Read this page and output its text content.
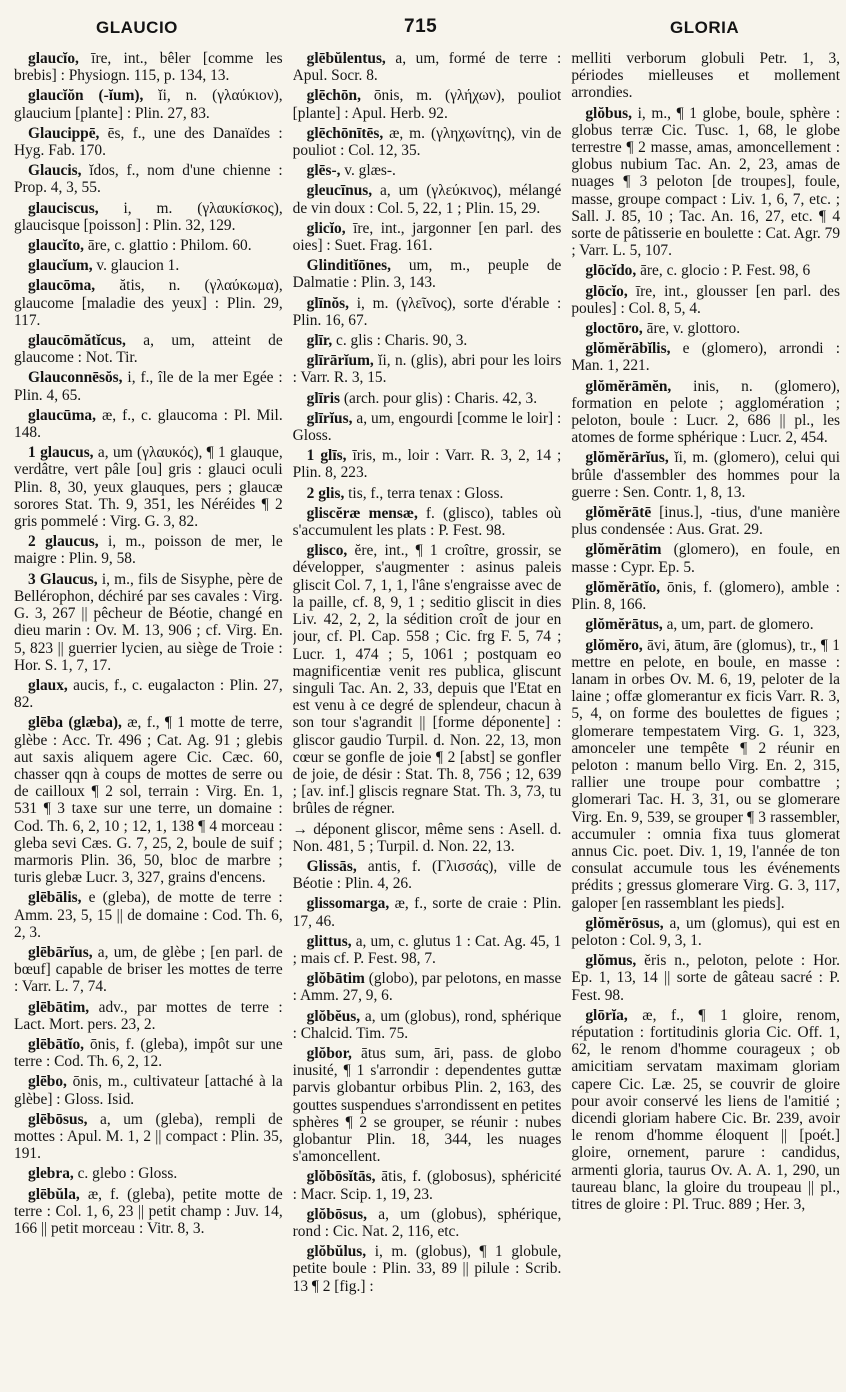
GLAUCIO	715	GLORIA

glaucĭo, īre, int., bêler [comme les brebis] : Physiogn. 115, p. 134, 13.

glaucĭŏn (-ĭum), ĭi, n. (γλαύκιον), glaucium [plante] : Plin. 27, 83.

Glaucippē, ēs, f., une des Danaïdes : Hyg. Fab. 170.

Glaucis, ĭdos, f., nom d'une chienne : Prop. 4, 3, 55.

glauciscus, i, m. (γλαυκίσκος), glaucisque [poisson] : Plin. 32, 129.

glaucĭto, āre, c. glattio : Philom. 60.

glaucĭum, v. glaucion 1.

glaucōma, ătis, n. (γλαύκωμα), glaucome [maladie des yeux] : Plin. 29, 117.

glaucōmătĭcus, a, um, atteint de glaucome : Not. Tir.

Glauconnēsŏs, i, f., île de la mer Egée : Plin. 4, 65.

glaucūma, æ, f., c. glaucoma : Pl. Mil. 148.

1 glaucus, a, um (γλαυκός), ¶ 1 glauque, verdâtre, vert pâle [ou] gris : glauci oculi Plin. 8, 30, yeux glauques, pers ; glaucæ sorores Stat. Th. 9, 351, les Néréides ¶ 2 gris pommelé : Virg. G. 3, 82.

2 glaucus, i, m., poisson de mer, le maigre : Plin. 9, 58.

3 Glaucus, i, m., fils de Sisyphe, père de Bellérophon, déchiré par ses cavales : Virg. G. 3, 267 || pêcheur de Béotie, changé en dieu marin : Ov. M. 13, 906 ; cf. Virg. En. 5, 823 || guerrier lycien, au siège de Troie : Hor. S. 1, 7, 17.

glaux, aucis, f., c. eugalacton : Plin. 27, 82.

glēba (glæba), æ, f., ¶ 1 motte de terre, glèbe : Acc. Tr. 496 ; Cat. Ag. 91 ; glebis aut saxis aliquem agere Cic. Cæc. 60, chasser qqn à coups de mottes de serre ou de cailloux ¶ 2 sol, terrain : Virg. En. 1, 531 ¶ 3 taxe sur une terre, un domaine : Cod. Th. 6, 2, 10 ; 12, 1, 138 ¶ 4 morceau : gleba sevi Cæs. G. 7, 25, 2, boule de suif ; marmoris Plin. 36, 50, bloc de marbre ; turis glebæ Lucr. 3, 327, grains d'encens.

glēbālis, e (gleba), de motte de terre : Amm. 23, 5, 15 || de domaine : Cod. Th. 6, 2, 3.

glēbārĭus, a, um, de glèbe ; [en parl. de bœuf] capable de briser les mottes de terre : Varr. L. 7, 74.

glēbātim, adv., par mottes de terre : Lact. Mort. pers. 23, 2.

glēbātĭo, ōnis, f. (gleba), impôt sur une terre : Cod. Th. 6, 2, 12.

glēbo, ōnis, m., cultivateur [attaché à la glèbe] : Gloss. Isid.

glēbōsus, a, um (gleba), rempli de mottes : Apul. M. 1, 2 || compact : Plin. 35, 191.

glebra, c. glebo : Gloss.

glēbŭla, æ, f. (gleba), petite motte de terre : Col. 1, 6, 23 || petit champ : Juv. 14, 166 || petit morceau : Vitr. 8, 3.

glēbŭlentus, a, um, formé de terre : Apul. Socr. 8.

glēchōn, ōnis, m. (γλήχων), pouliot [plante] : Apul. Herb. 92.

glēchōnītēs, æ, m. (γληχωνίτης), vin de pouliot : Col. 12, 35.

glēs-, v. glæs-.

gleucīnus, a, um (γλεύκινος), mélangé de vin doux : Col. 5, 22, 1 ; Plin. 15, 29.

glicĭo, īre, int., jargonner [en parl. des oies] : Suet. Frag. 161.

Glinditĭōnes, um, m., peuple de Dalmatie : Plin. 3, 143.

glīnŏs, i, m. (γλεῖνος), sorte d'érable : Plin. 16, 67.

glīr, c. glis : Charis. 90, 3.

glīrārĭum, ĭi, n. (glis), abri pour les loirs : Varr. R. 3, 15.

glīris (arch. pour glis) : Charis. 42, 3.

glīrĭus, a, um, engourdi [comme le loir] : Gloss.

1 glīs, īris, m., loir : Varr. R. 3, 2, 14 ; Plin. 8, 223.

2 glis, tis, f., terra tenax : Gloss.

gliscĕræ mensæ, f. (glisco), tables où s'accumulent les plats : P. Fest. 98.

glisco, ĕre, int., ¶ 1 croître, grossir, se développer, s'augmenter : asinus paleis gliscit Col. 7, 1, 1, l'âne s'engraisse avec de la paille, cf. 8, 9, 1 ; seditio gliscit in dies Liv. 42, 2, 2, la sédition croît de jour en jour, cf. Pl. Cap. 558 ; Cic. frg F. 5, 74 ; Lucr. 1, 474 ; 5, 1061 ; postquam eo magnificentiæ venit res publica, gliscunt singuli Tac. An. 2, 33, depuis que l'Etat en est venu à ce degré de splendeur, chacun à son tour s'agrandit || [forme déponente] : gliscor gaudio Turpil. d. Non. 22, 13, mon cœur se gonfle de joie ¶ 2 [abst] se gonfler de joie, de désir : Stat. Th. 8, 756 ; 12, 639 ; [av. inf.] gliscis regnare Stat. Th. 3, 73, tu brûles de régner.

→ déponent gliscor, même sens : Asell. d. Non. 481, 5 ; Turpil. d. Non. 22, 13.

Glissās, antis, f. (Γλισσάς), ville de Béotie : Plin. 4, 26.

glissomarga, æ, f., sorte de craie : Plin. 17, 46.

glittus, a, um, c. glutus 1 : Cat. Ag. 45, 1 ; mais cf. P. Fest. 98, 7.

glŏbātim (globo), par pelotons, en masse : Amm. 27, 9, 6.

glŏbĕus, a, um (globus), rond, sphérique : Chalcid. Tim. 75.

glŏbor, ātus sum, āri, pass. de globo inusité, ¶ 1 s'arrondir : dependentes guttæ parvis globantur orbibus Plin. 2, 163, des gouttes suspendues s'arrondissent en petites sphères ¶ 2 se grouper, se réunir : nubes globantur Plin. 18, 344, les nuages s'amoncellent.

glŏbōsĭtās, ātis, f. (globosus), sphéricité : Macr. Scip. 1, 19, 23.

glŏbōsus, a, um (globus), sphérique, rond : Cic. Nat. 2, 116, etc.

glŏbŭlus, i, m. (globus), ¶ 1 globule, petite boule : Plin. 33, 89 || pilule : Scrib. 13 ¶ 2 [fig.] :

melliti verborum globuli Petr. 1, 3, périodes mielleuses et mollement arrondies.

glŏbus, i, m., ¶ 1 globe, boule, sphère : globus terræ Cic. Tusc. 1, 68, le globe terrestre ¶ 2 masse, amas, amoncellement : globus nubium Tac. An. 2, 23, amas de nuages ¶ 3 peloton [de troupes], foule, masse, groupe compact : Liv. 1, 6, 7, etc. ; Sall. J. 85, 10 ; Tac. An. 16, 27, etc. ¶ 4 sorte de pâtisserie en boulette : Cat. Agr. 79 ; Varr. L. 5, 107.

glōcĭdo, āre, c. glocio : P. Fest. 98, 6

glōcĭo, īre, int., glousser [en parl. des poules] : Col. 8, 5, 4.

gloctōro, āre, v. glottoro.

glŏmĕrābĭlis, e (glomero), arrondi : Man. 1, 221.

glŏmĕrāmĕn, inis, n. (glomero), formation en pelote ; agglomération ; peloton, boule : Lucr. 2, 686 || pl., les atomes de forme sphérique : Lucr. 2, 454.

glŏmĕrārĭus, ĭi, m. (glomero), celui qui brûle d'assembler des hommes pour la guerre : Sen. Contr. 1, 8, 13.

glŏmĕrātē [inus.], -tius, d'une manière plus condensée : Aus. Grat. 29.

glŏmĕrātim (glomero), en foule, en masse : Cypr. Ep. 5.

glŏmĕrātĭo, ōnis, f. (glomero), amble : Plin. 8, 166.

glŏmĕrātus, a, um, part. de glomero.

glŏmĕro, āvi, ātum, āre (glomus), tr., ¶ 1 mettre en pelote, en boule, en masse : lanam in orbes Ov. M. 6, 19, peloter de la laine ; offæ glomerantur ex ficis Varr. R. 3, 5, 4, on forme des boulettes de figues ; glomerare tempestatem Virg. G. 1, 323, amonceler une tempête ¶ 2 réunir en peloton : manum bello Virg. En. 2, 315, rallier une troupe pour combattre ; glomerari Tac. H. 3, 31, ou se glomerare Virg. En. 9, 539, se grouper ¶ 3 rassembler, accumuler : omnia fixa tuus glomerat annus Cic. poet. Div. 1, 19, l'année de ton consulat accumule tous les événements prédits ; gressus glomerare Virg. G. 3, 117, galoper [en rassemblant les pieds].

glŏmĕrōsus, a, um (glomus), qui est en peloton : Col. 9, 3, 1.

glŏmus, ĕris n., peloton, pelote : Hor. Ep. 1, 13, 14 || sorte de gâteau sacré : P. Fest. 98.

glōrĭa, æ, f., ¶ 1 gloire, renom, réputation : fortitudinis gloria Cic. Off. 1, 62, le renom d'homme courageux ; ob amicitiam servatam maximam gloriam capere Cic. Læ. 25, se couvrir de gloire pour avoir conservé les liens de l'amitié ; dicendi gloriam habere Cic. Br. 239, avoir le renom d'homme éloquent || [poét.] gloire, ornement, parure : candidus, armenti gloria, taurus Ov. A. A. 1, 290, un taureau blanc, la gloire du troupeau || pl., titres de gloire : Pl. Truc. 889 ; Her. 3,
